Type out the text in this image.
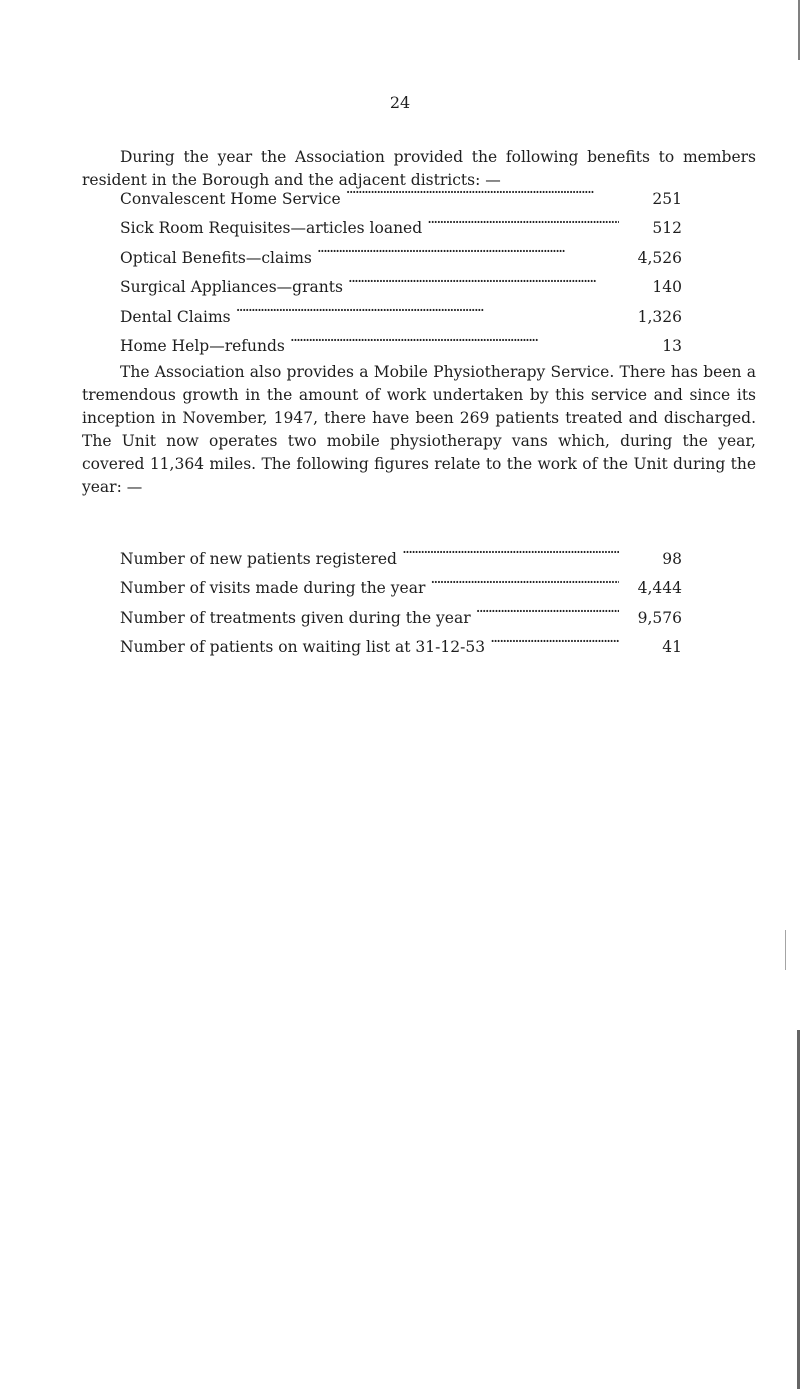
24

During the year the Association provided the following benefits to members resident in the Borough and the adjacent districts: —

Convalescent Home Service . . .	251
Sick Room Requisites—articles loaned . . .	512
Optical Benefits—claims . . .	4,526
Surgical Appliances—grants . . .	140
Dental Claims . . .	1,326
Home Help—refunds . . .	13

The Association also provides a Mobile Physiotherapy Service. There has been a tremendous growth in the amount of work undertaken by this service and since its inception in November, 1947, there have been 269 patients treated and discharged. The Unit now operates two mobile physiotherapy vans which, during the year, covered 11,364 miles. The following figures relate to the work of the Unit during the year: —

Number of new patients registered . . .	98
Number of visits made during the year . . .	4,444
Number of treatments given during the year . . .	9,576
Number of patients on waiting list at 31-12-53 . . .	41
